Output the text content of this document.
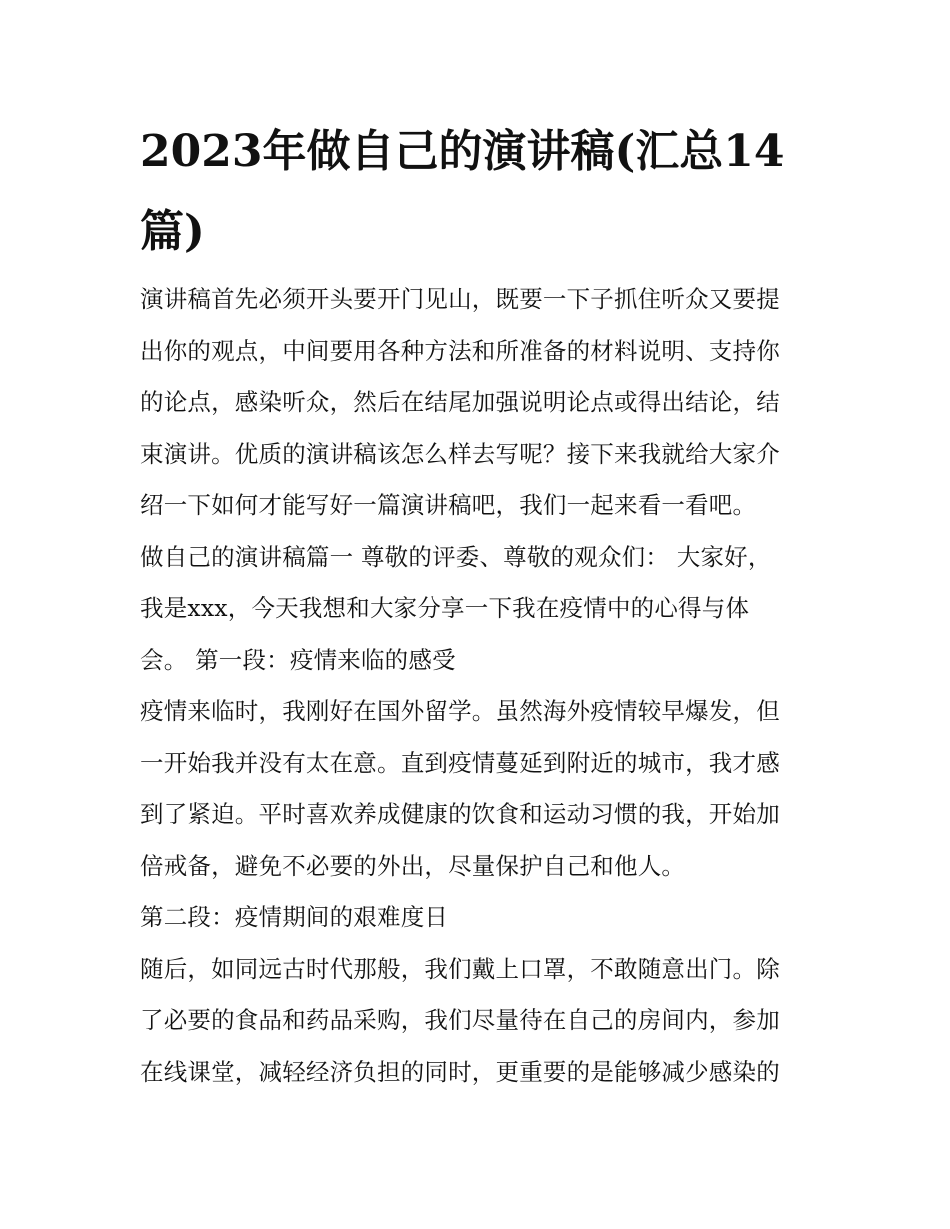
2023年做自己的演讲稿(汇总14篇)
演讲稿首先必须开头要开门见山，既要一下子抓住听众又要提
出你的观点，中间要用各种方法和所准备的材料说明、支持你
的论点，感染听众，然后在结尾加强说明论点或得出结论，结
束演讲。优质的演讲稿该怎么样去写呢？接下来我就给大家介
绍一下如何才能写好一篇演讲稿吧，我们一起来看一看吧。
做自己的演讲稿篇一 尊敬的评委、尊敬的观众们： 大家好，
我是xxx，今天我想和大家分享一下我在疫情中的心得与体
会。 第一段：疫情来临的感受
疫情来临时，我刚好在国外留学。虽然海外疫情较早爆发，但
一开始我并没有太在意。直到疫情蔓延到附近的城市，我才感
到了紧迫。平时喜欢养成健康的饮食和运动习惯的我，开始加
倍戒备，避免不必要的外出，尽量保护自己和他人。
第二段：疫情期间的艰难度日
随后，如同远古时代那般，我们戴上口罩，不敢随意出门。除
了必要的食品和药品采购，我们尽量待在自己的房间内，参加
在线课堂，减轻经济负担的同时，更重要的是能够减少感染的
